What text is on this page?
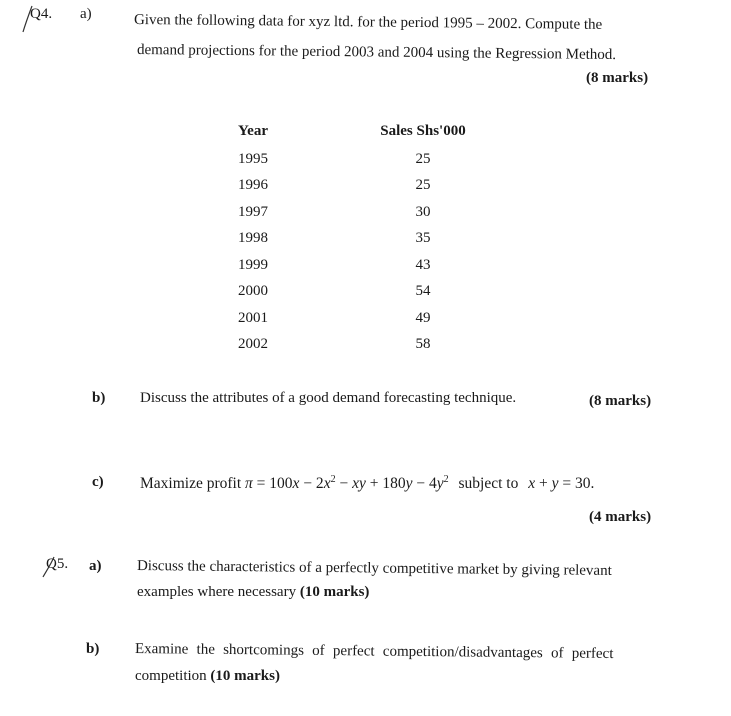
Q4. a)	Given the following data for xyz ltd. for the period 1995 – 2002. Compute the
demand projections for the period 2003 and 2004 using the Regression Method.
(8 marks)
Year	Sales Shs'000
1995	25
1996	25
1997	30
1998	35
1999	43
2000	54
2001	49
2002	58
b) Discuss the attributes of a good demand forecasting technique.	(8 marks)
c) Maximize profit $\pi = 100x - 2x^2$ − xy + $180y - 4y^2$ subject to x + y = 30.
(4 marks)
Q5. a) Discuss the characteristics of a perfectly competitive market by giving relevant
examples where necessary (10 marks)
b) Examine the shortcomings of perfect competition/disadvantages of perfect
competition (10 marks)
